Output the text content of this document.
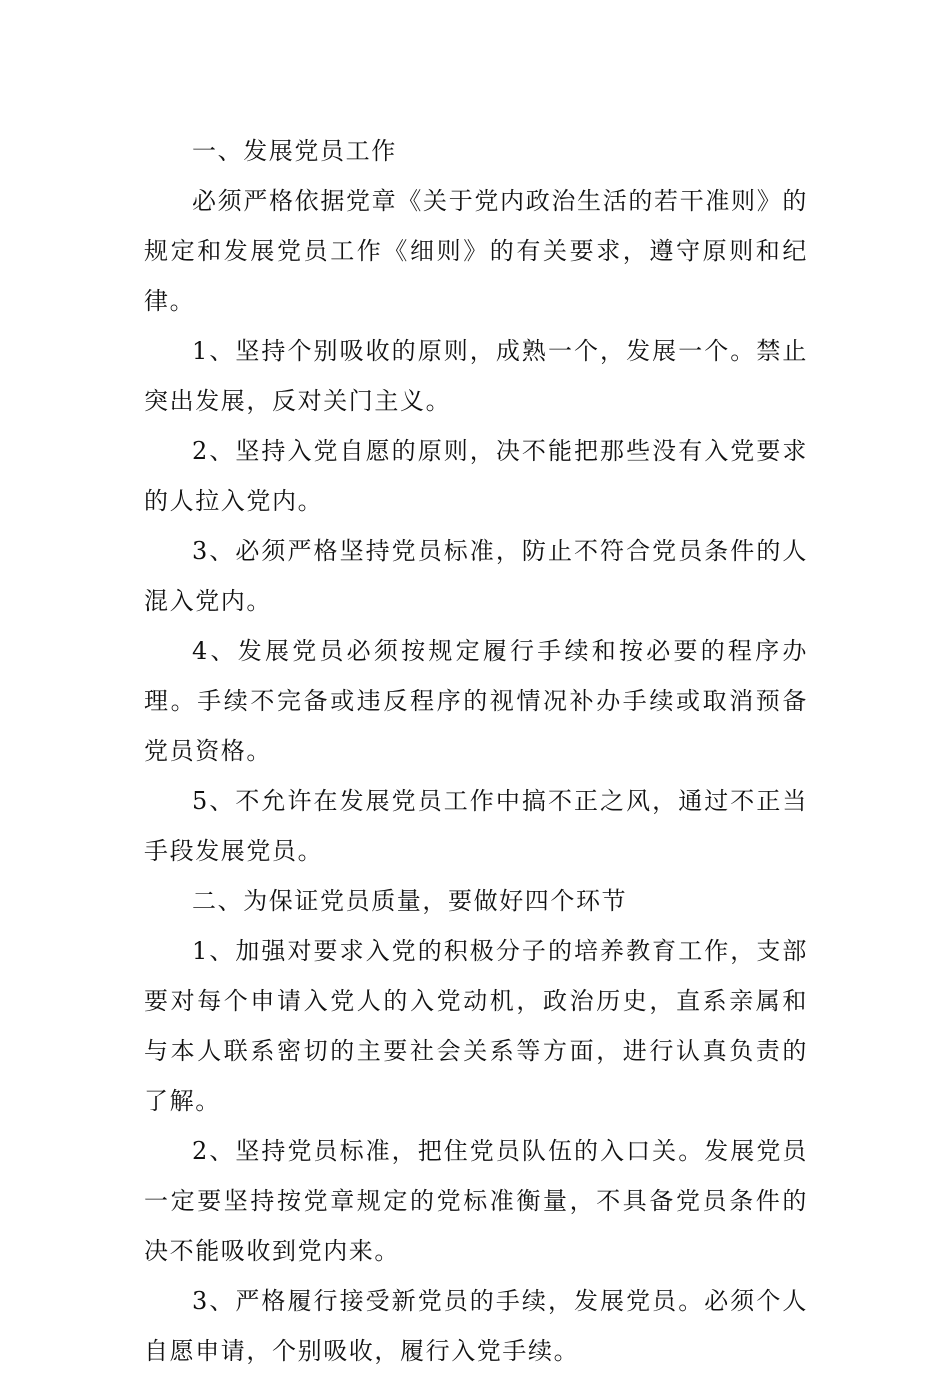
一、发展党员工作

必须严格依据党章《关于党内政治生活的若干准则》的规定和发展党员工作《细则》的有关要求，遵守原则和纪律。

1、坚持个别吸收的原则，成熟一个，发展一个。禁止突出发展，反对关门主义。

2、坚持入党自愿的原则，决不能把那些没有入党要求的人拉入党内。

3、必须严格坚持党员标准，防止不符合党员条件的人混入党内。

4、发展党员必须按规定履行手续和按必要的程序办理。手续不完备或违反程序的视情况补办手续或取消预备党员资格。

5、不允许在发展党员工作中搞不正之风，通过不正当手段发展党员。

二、为保证党员质量，要做好四个环节

1、加强对要求入党的积极分子的培养教育工作，支部要对每个申请入党人的入党动机，政治历史，直系亲属和与本人联系密切的主要社会关系等方面，进行认真负责的了解。

2、坚持党员标准，把住党员队伍的入口关。发展党员一定要坚持按党章规定的党标准衡量，不具备党员条件的决不能吸收到党内来。

3、严格履行接受新党员的手续，发展党员。必须个人自愿申请，个别吸收，履行入党手续。
